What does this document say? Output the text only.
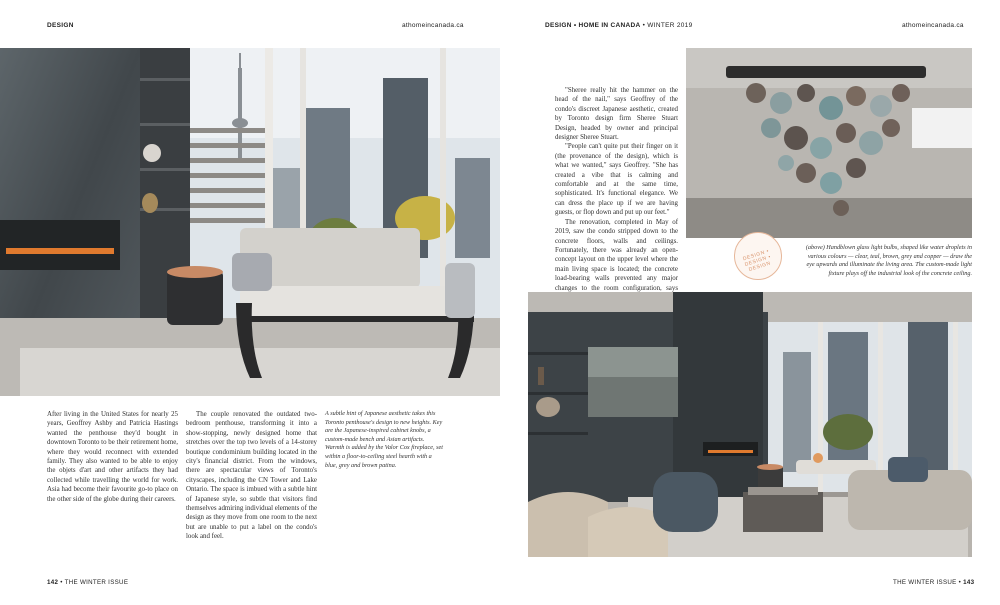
DESIGN	athomeincanada.ca	DESIGN • HOME IN CANADA • WINTER 2019	athomeincanada.ca

After living in the United States for nearly 25 years, Geoffrey Ashby and Patricia Hastings wanted the penthouse they'd bought in downtown Toronto to be their retirement home, where they would reconnect with extended family. They also wanted to be able to enjoy the objets d'art and other artifacts they had collected while travelling the world for work. Asia had become their favourite go-to place on the other side of the globe during their careers.

The couple renovated the outdated two-bedroom penthouse, transforming it into a show-stopping, newly designed home that stretches over the top two levels of a 14-storey boutique condominium building located in the city's financial district. From the windows, there are spectacular views of Toronto's cityscapes, including the CN Tower and Lake Ontario. The space is imbued with a subtle hint of Japanese style, so subtle that visitors find themselves admiring individual elements of the design as they move from one room to the next but are unable to put a label on the condo's look and feel.

A subtle hint of Japanese aesthetic takes this Toronto penthouse's design to new heights. Key are the Japanese-inspired cabinet knobs, a custom-made bench and Asian artifacts. Warmth is added by the Valor Cox fireplace, set within a floor-to-ceiling steel hearth with a blue, grey and brown patina.

"Sheree really hit the hammer on the head of the nail," says Geoffrey of the condo's discreet Japanese aesthetic, created by Toronto design firm Sheree Stuart Design, headed by owner and principal designer Sheree Stuart.

"People can't quite put their finger on it (the provenance of the design), which is what we wanted," says Geoffrey. "She has created a vibe that is calming and comfortable and at the same time, sophisticated. It's functional elegance. We can dress the place up if we are having guests, or flop down and put up our feet."

The renovation, completed in May of 2019, saw the condo stripped down to the concrete floors, walls and ceilings. Fortunately, there was already an open-concept layout on the upper level where the main living space is located; the concrete load-bearing walls prevented any major changes to the room configuration, says

DESIGN • DESIGN • DESIGN
(above) Handblown glass light bulbs, shaped like water droplets in various colours — clear, teal, brown, grey and copper — draw the eye upwards and illuminate the living area. The custom-made light fixture plays off the industrial look of the concrete ceiling.
142 • THE WINTER ISSUE	THE WINTER ISSUE • 143
